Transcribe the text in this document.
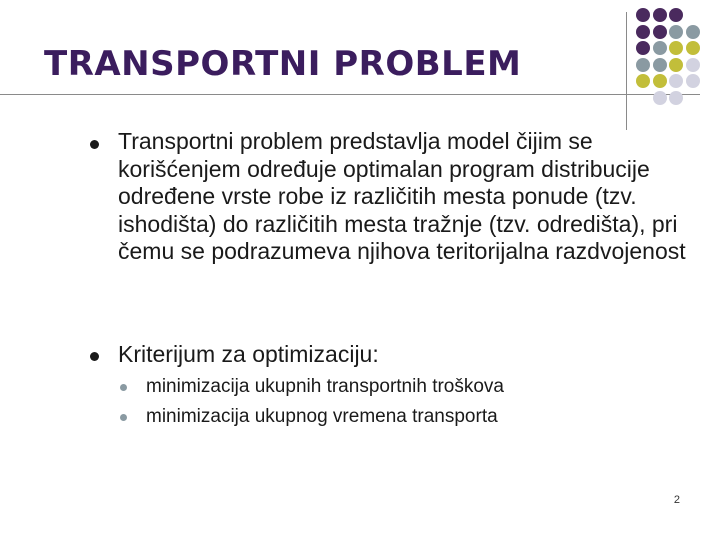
TRANSPORTNI PROBLEM
Transportni problem predstavlja model čijim se korišćenjem određuje optimalan program distribucije određene vrste robe iz različitih mesta ponude (tzv. ishodišta) do različitih mesta tražnje (tzv. odredišta), pri čemu se podrazumeva njihova teritorijalna razdvojenost
Kriterijum za optimizaciju:
minimizacija ukupnih transportnih troškova
minimizacija ukupnog vremena transporta
2
